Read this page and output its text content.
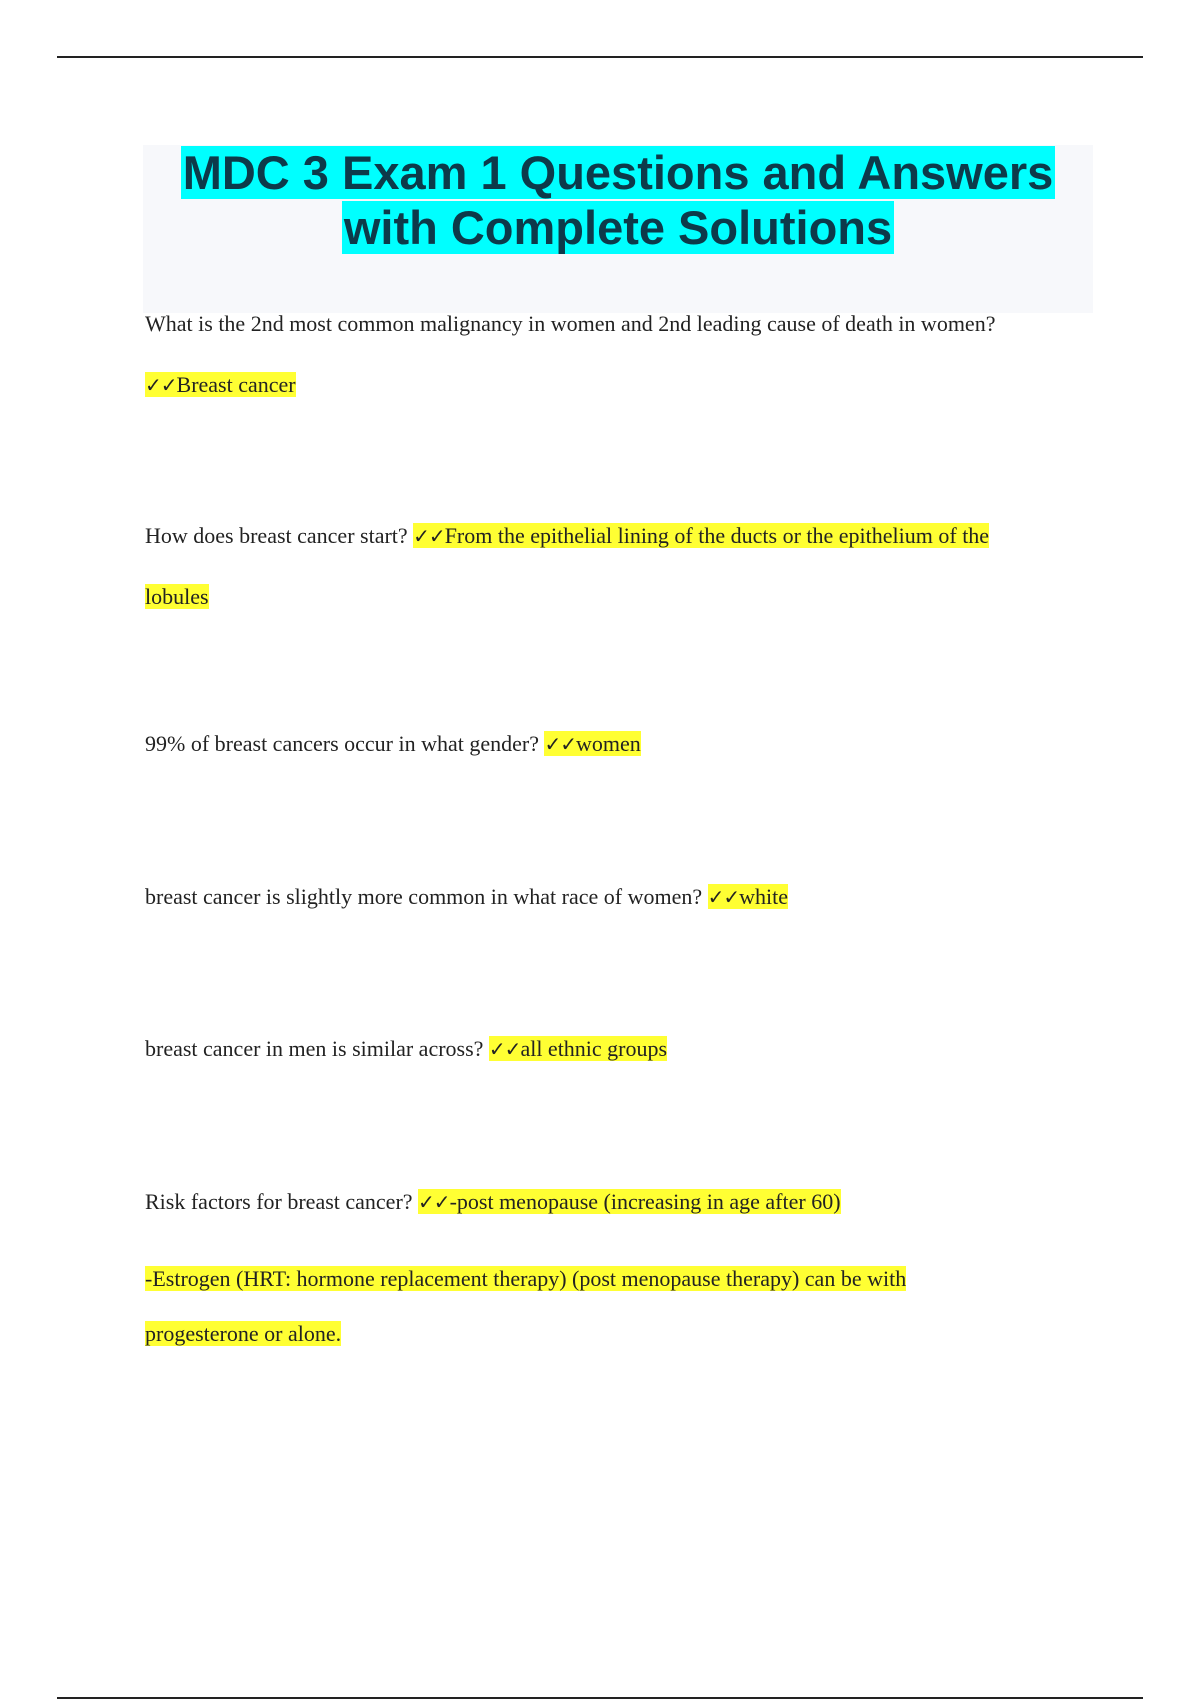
MDC 3 Exam 1 Questions and Answers
with Complete Solutions
What is the 2nd most common malignancy in women and 2nd leading cause of death in women?
✓✓Breast cancer
How does breast cancer start? ✓✓From the epithelial lining of the ducts or the epithelium of the
lobules
99% of breast cancers occur in what gender? ✓✓women
breast cancer is slightly more common in what race of women? ✓✓white
breast cancer in men is similar across? ✓✓all ethnic groups
Risk factors for breast cancer? ✓✓-post menopause (increasing in age after 60)
-Estrogen (HRT: hormone replacement therapy) (post menopause therapy) can be with
progesterone or alone.
